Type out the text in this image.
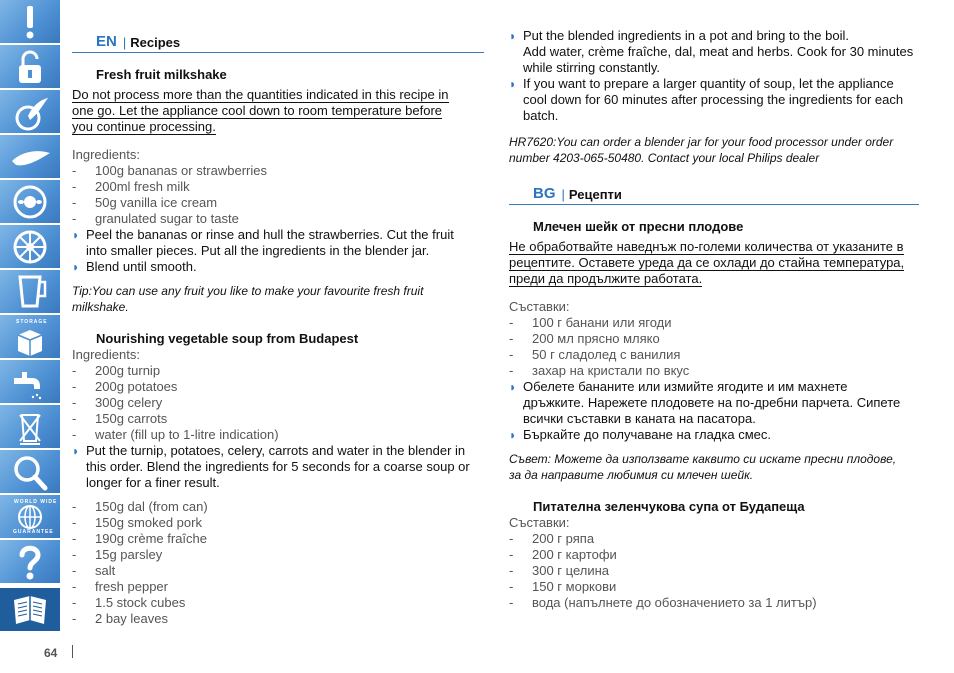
STORAGE
WORLD WIDE
GUARANTEE
64
EN | Recipes
Fresh fruit milkshake
Do not process more than the quantities indicated in this recipe in
one go. Let the appliance cool down to room temperature before
you continue processing.
Ingredients:
- 100g bananas or strawberries
- 200ml fresh milk
- 50g vanilla ice cream
- granulated sugar to taste
◗ Peel the bananas or rinse and hull the strawberries. Cut the fruit
into smaller pieces. Put all the ingredients in the blender jar.
◗ Blend until smooth.
Tip:You can use any fruit you like to make your favourite fresh fruit
milkshake.
Nourishing vegetable soup from Budapest
Ingredients:
- 200g turnip
- 200g potatoes
- 300g celery
- 150g carrots
- water (fill up to 1-litre indication)
◗ Put the turnip, potatoes, celery, carrots and water in the blender in
this order. Blend the ingredients for 5 seconds for a coarse soup or
longer for a finer result.
- 150g dal (from can)
- 150g smoked pork
- 190g crème fraîche
- 15g parsley
- salt
- fresh pepper
- 1.5 stock cubes
- 2 bay leaves
◗ Put the blended ingredients in a pot and bring to the boil.
Add water, crème fraîche, dal, meat and herbs. Cook for 30 minutes
while stirring constantly.
◗ If you want to prepare a larger quantity of soup, let the appliance
cool down for 60 minutes after processing the ingredients for each
batch.
HR7620:You can order a blender jar for your food processor under order
number 4203-065-50480. Contact your local Philips dealer
BG | Рецепти
Млечен шейк от пресни плодове
Не обработвайте наведнъж по-големи количества от указаните в
рецептите. Оставете уреда да се охлади до стайна температура,
преди да продължите работата.
Съставки:
- 100 г банани или ягоди
- 200 мл прясно мляко
- 50 г сладолед с ванилия
- захар на кристали по вкус
◗ Обелете бананите или измийте ягодите и им махнете
дръжките. Нарежете плодовете на по-дребни парчета. Сипете
всички съставки в каната на пасатора.
◗ Бъркайте до получаване на гладка смес.
Съвет: Можете да използвате каквито си искате пресни плодове,
за да направите любимия си млечен шейк.
Питателна зеленчукова супа от Будапеща
Съставки:
- 200 г ряпа
- 200 г картофи
- 300 г целина
- 150 г моркови
- вода (напълнете до обозначението за 1 литър)
